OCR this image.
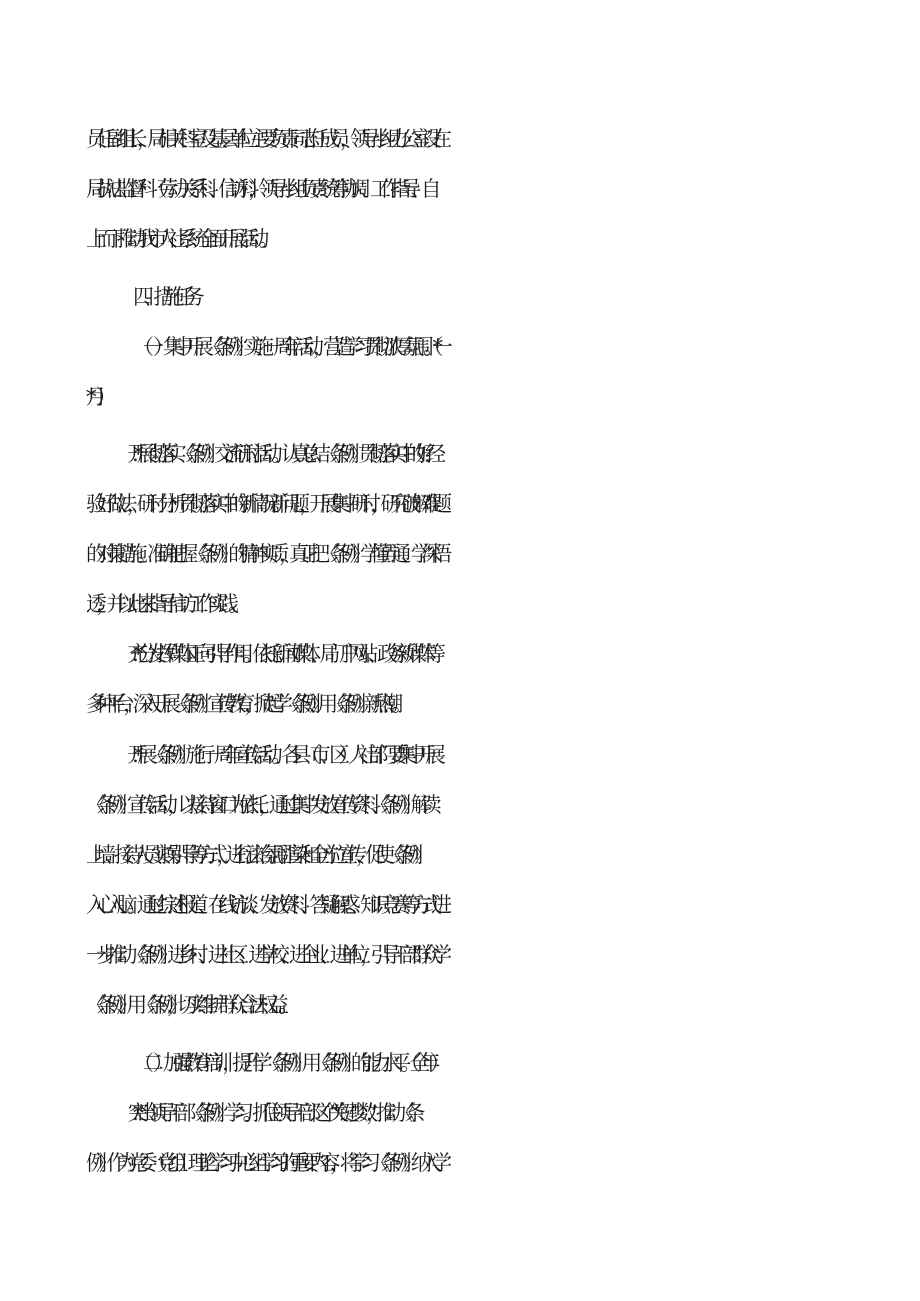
员任副组长，局相关科室及基层单位主要负责同志任成员，领导小组办公室设在
局执法监督科（劳动关系科、信访科），领导小组负责统筹协调、工作指导、自
上而下推动我市人社系统全面开展活动。
四、措施任务
（一）集中开展《条例》实施一周年活动，营造学习贯彻浓厚氛围。（*一
*月）
*.开展彻落实《条例》交流研讨活动。认真总结《条例》贯彻落实中的好经
验好做法，研讨分析贯彻落实中的新情况新问题，开展集中研讨，研究破解难题
的对策措施。准确把握《条例》的精神实质，真正把《条例》学懂弄通、学深悟
透，并以此来指导信访工作实践。
*.充分发挥媒体正向引导作用。依托新闻媒体、局门户网站、政务新媒体等
多种平台，深入开展《条例》宣传教育，掀起学《条例》、用《条例》新热潮。
*.开展《条例》施行一周年宣传活动。各县（市、区）人社部门要集中开展
《条例》宣传活动，以接待窗口为依托，通过集中发放宣传资料、《条例》解读
上墙、接待人员实操引导等方式，进行法治氛围渲染和全方位宣传，促使《条例》
入心入脑。通过综述报道、在线访谈、发放资料、答疑解惑、知识竞赛等方式进
一步推动《条例》进乡村、进社区、进学校、进企业、进单位，引导干部群众学
《条例》、用《条例》，切实维护群众合法权益。
（二）加强教育培训，提升学《条例》用《条例》的能力水平。（全年）
*.突出领导干部《条例》学习。抓住领导干部这个“关键少数”，推动《条
例》作为党委（党组）理论学习中心组学习的重要内容，将学习《条例》纳入学
